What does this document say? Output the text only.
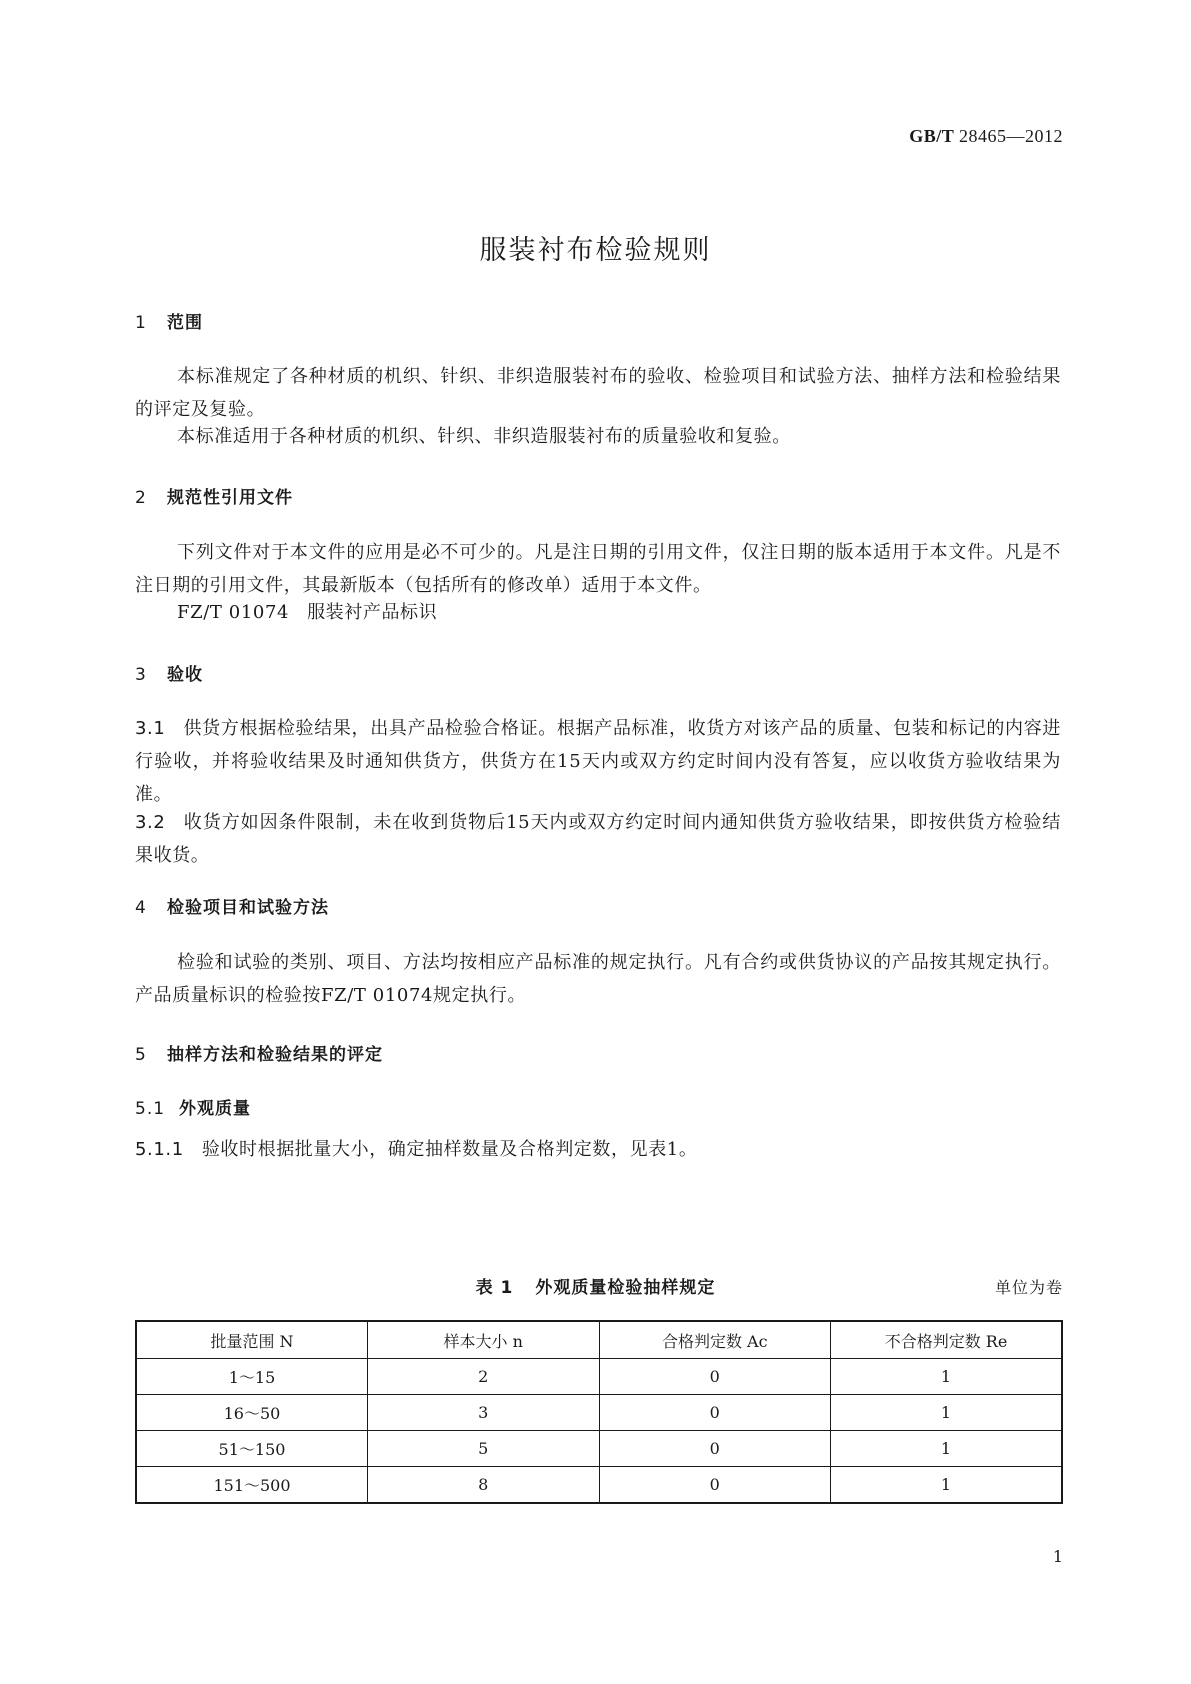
GB/T 28465—2012
服装衬布检验规则
1 范围

本标准规定了各种材质的机织、针织、非织造服装衬布的验收、检验项目和试验方法、抽样方法和检验结果的评定及复验。

本标准适用于各种材质的机织、针织、非织造服装衬布的质量验收和复验。

2 规范性引用文件

下列文件对于本文件的应用是必不可少的。凡是注日期的引用文件，仅注日期的版本适用于本文件。凡是不注日期的引用文件，其最新版本（包括所有的修改单）适用于本文件。

FZ/T 01074 服装衬产品标识

3 验收

3.1 供货方根据检验结果，出具产品检验合格证。根据产品标准，收货方对该产品的质量、包装和标记的内容进行验收，并将验收结果及时通知供货方，供货方在15天内或双方约定时间内没有答复，应以收货方验收结果为准。

3.2 收货方如因条件限制，未在收到货物后15天内或双方约定时间内通知供货方验收结果，即按供货方检验结果收货。

4 检验项目和试验方法

检验和试验的类别、项目、方法均按相应产品标准的规定执行。凡有合约或供货协议的产品按其规定执行。产品质量标识的检验按FZ/T 01074规定执行。

5 抽样方法和检验结果的评定
5.1 外观质量

5.1.1 验收时根据批量大小，确定抽样数量及合格判定数，见表1。

表 1 外观质量检验抽样规定	单位为卷
批量范围 N	样本大小 n	合格判定数 Ac	不合格判定数 Re
1～15	2	0	1
16～50	3	0	1
51～150	5	0	1
151～500	8	0	1
1
